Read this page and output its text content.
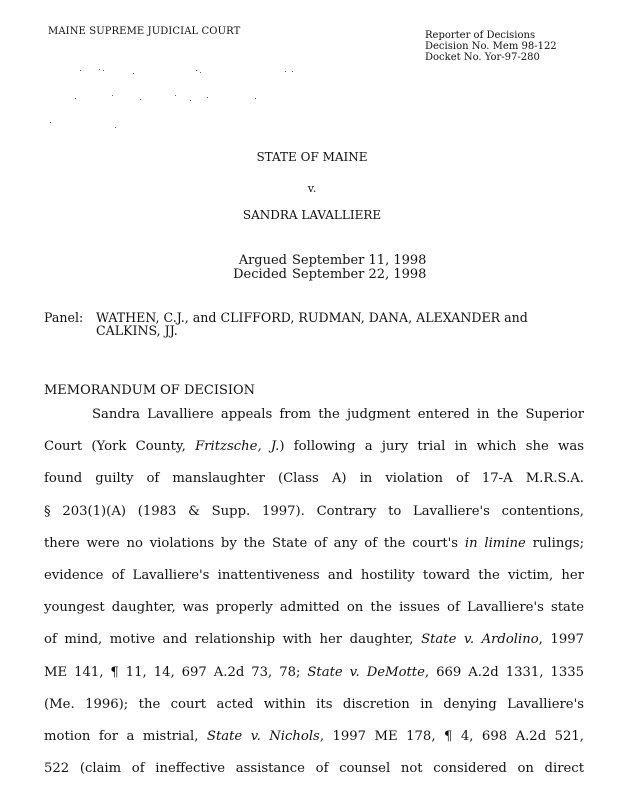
MAINE SUPREME JUDICIAL COURT	Reporter of Decisions
Decision No. Mem 98-122
Docket No. Yor-97-280
STATE OF MAINE
v.
SANDRA LAVALLIERE
Argued September 11, 1998
Decided September 22, 1998
Panel:	WATHEN, C.J., and CLIFFORD, RUDMAN, DANA, ALEXANDER and
CALKINS, JJ.
MEMORANDUM OF DECISION
Sandra Lavalliere appeals from the judgment entered in the Superior
Court (York County, Fritzsche, J.) following a jury trial in which she was
found guilty of manslaughter (Class A) in violation of 17-A M.R.S.A.
§ 203(1)(A) (1983 & Supp. 1997). Contrary to Lavalliere's contentions,
there were no violations by the State of any of the court's in limine rulings;
evidence of Lavalliere's inattentiveness and hostility toward the victim, her
youngest daughter, was properly admitted on the issues of Lavalliere's state
of mind, motive and relationship with her daughter, State v. Ardolino, 1997
ME 141, ¶ 11, 14, 697 A.2d 73, 78; State v. DeMotte, 669 A.2d 1331, 1335
(Me. 1996); the court acted within its discretion in denying Lavalliere's
motion for a mistrial, State v. Nichols, 1997 ME 178, ¶ 4, 698 A.2d 521,
522 (claim of ineffective assistance of counsel not considered on direct
